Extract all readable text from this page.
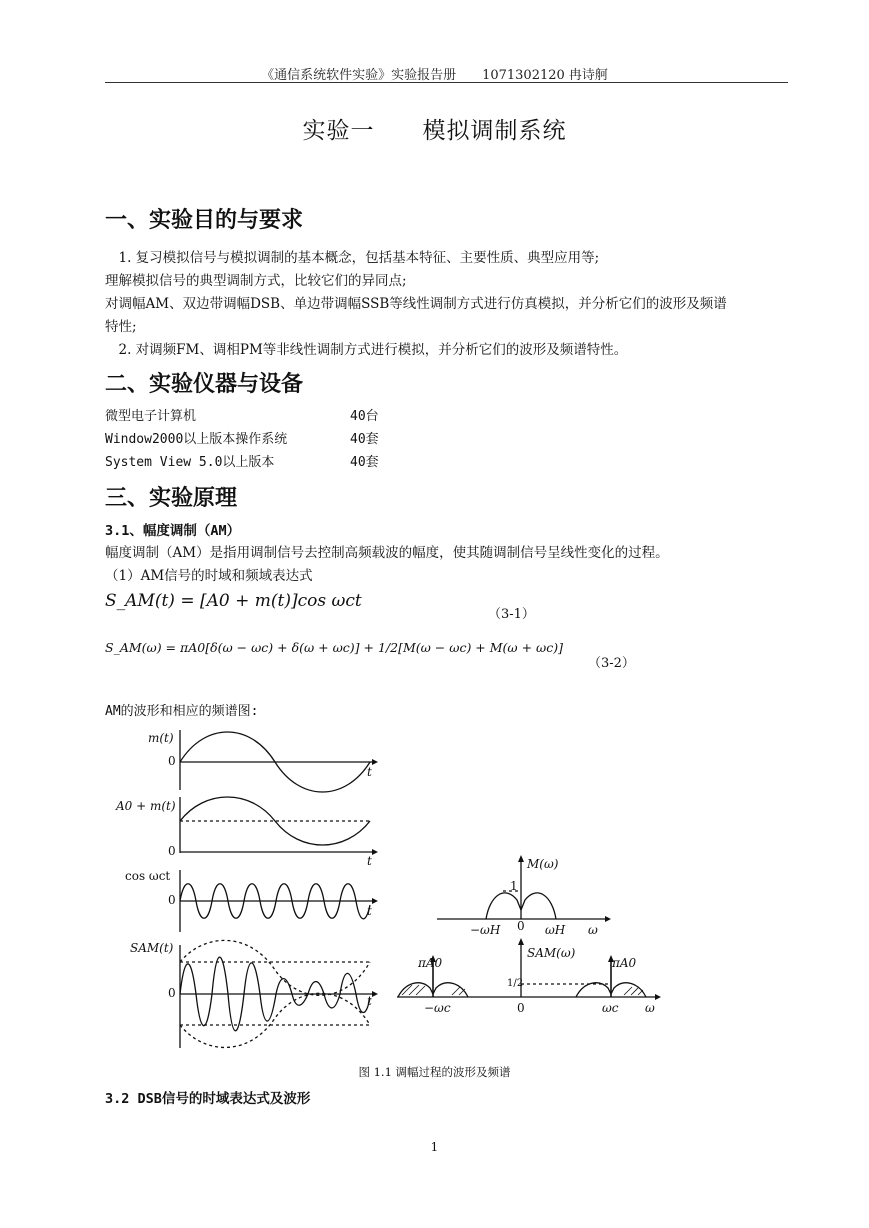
《通信系统软件实验》实验报告册　　1071302120 冉诗舸
实验一　　模拟调制系统
一、实验目的与要求
　1. 复习模拟信号与模拟调制的基本概念，包括基本特征、主要性质、典型应用等;
理解模拟信号的典型调制方式，比较它们的异同点;
对调幅AM、双边带调幅DSB、单边带调幅SSB等线性调制方式进行仿真模拟，并分析它们的波形及频谱
特性;
　2. 对调频FM、调相PM等非线性调制方式进行模拟，并分析它们的波形及频谱特性。
二、实验仪器与设备
微型电子计算机	40台
Window2000以上版本操作系统	40套
System View 5.0以上版本	40套
三、实验原理
3.1、幅度调制（AM）
幅度调制（AM）是指用调制信号去控制高频载波的幅度，使其随调制信号呈线性变化的过程。
（1）AM信号的时域和频域表达式
S_AM(t) = [A0 + m(t)]cos ωct
（3-1）
S_AM(ω) = πA0[δ(ω − ωc) + δ(ω + ωc)] + 1/2[M(ω − ωc) + M(ω + ωc)]
（3-2）
AM的波形和相应的频谱图:
m(t)
0
t
A0 + m(t)
0
t
cos ωct
0
t
SAM(t)
0
t
M(ω)
1
0
−ωH	ωH ω
πA0
SAM(ω)
1/2
πA0
−ωc	0	ωc ω
图 1.1 调幅过程的波形及频谱
3.2 DSB信号的时域表达式及波形
1
